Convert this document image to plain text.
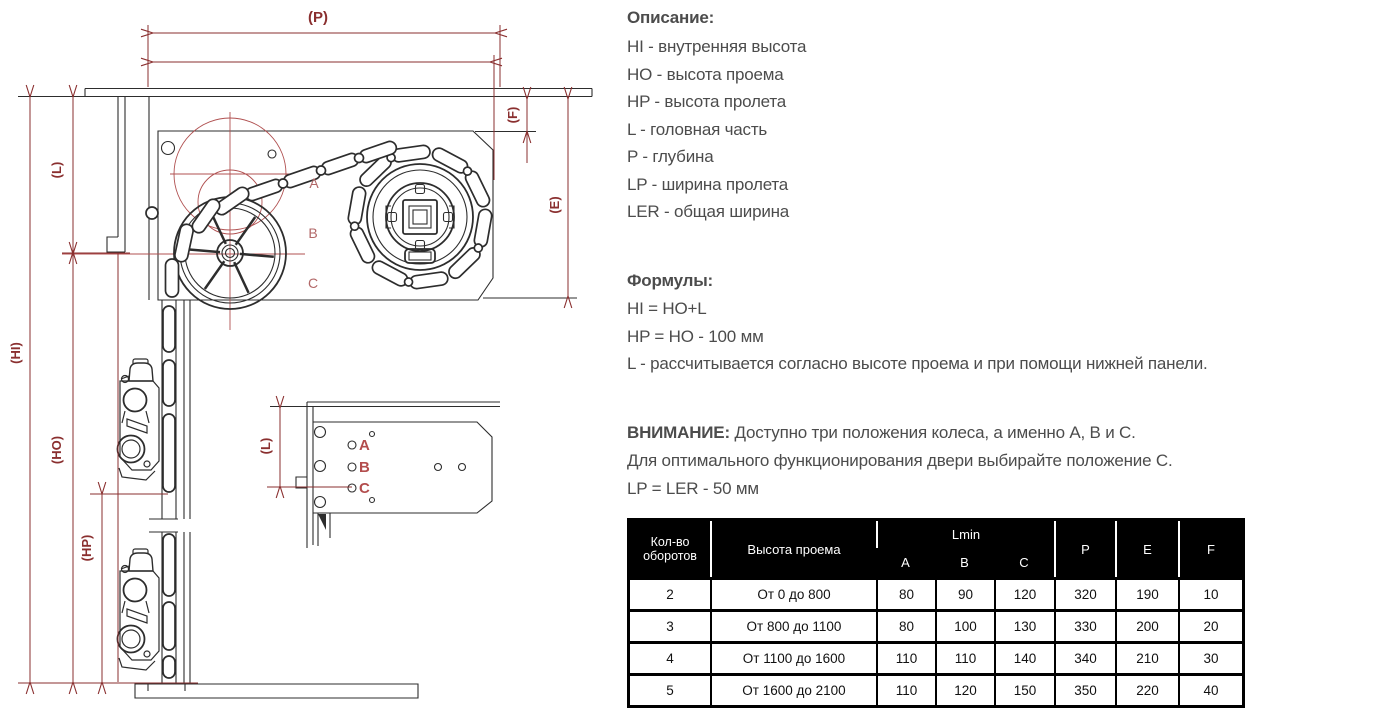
A
B
C
(P)
(F)
(E)
(HI)
(L)
(HO)
(HP)
(L)	A
B
C
Описание:
HI - внутренняя высота
HO - высота проема
HP - высота пролета
L - головная часть
P - глубина
LP - ширина пролета
LER - общая ширина
Формулы:
HI = HO+L
HP = HO - 100 мм
L - рассчитывается согласно высоте проема и при помощи нижней панели.
ВНИМАНИЕ: Доступно три положения колеса, а именно A, B и C.
Для оптимального функционирования двери выбирайте положение C.
LP = LER - 50 мм
Кол-во оборотов	Высота проема	Lmin			P	E	F
		A	B	C			
2	От 0 до 800	80	90	120	320	190	10
3	От 800 до 1100	80	100	130	330	200	20
4	От 1100 до 1600	110	110	140	340	210	30
5	От 1600 до 2100	110	120	150	350	220	40
